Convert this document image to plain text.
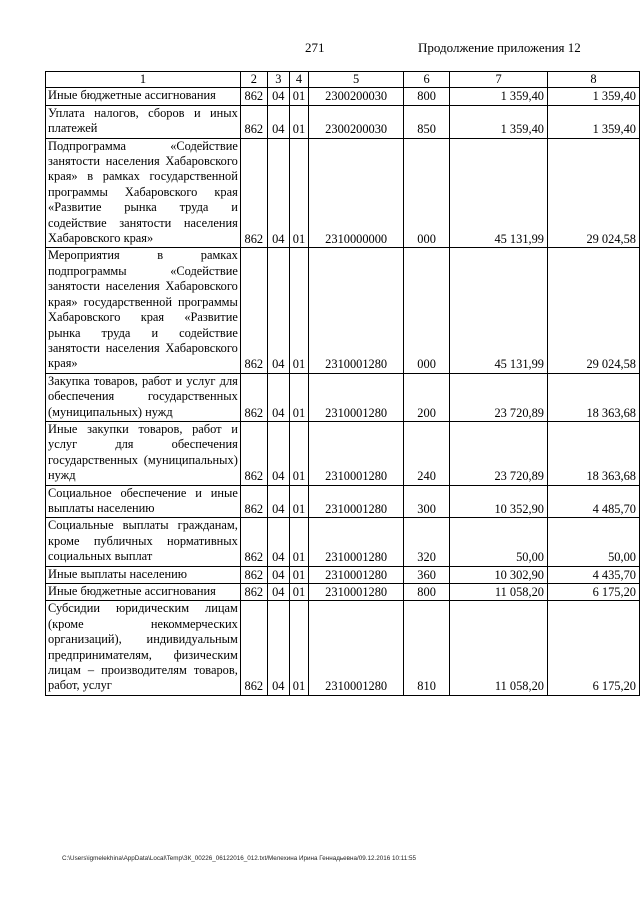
271	Продолжение приложения 12
1	2	3	4	5	6	7	8
Иные бюджетные ассигнования	862	04	01	2300200030	800	1 359,40	1 359,40
Уплата налогов, сборов и иных платежей	862	04	01	2300200030	850	1 359,40	1 359,40
Подпрограмма «Содействие занятости населения Хабаровского края» в рамках государственной программы Хабаровского края «Развитие рынка труда и содействие занятости населения Хабаровского края»	862	04	01	2310000000	000	45 131,99	29 024,58
Мероприятия в рамках подпрограммы «Содействие занятости населения Хабаровского края» государственной программы Хабаровского края «Развитие рынка труда и содействие занятости населения Хабаровского края»	862	04	01	2310001280	000	45 131,99	29 024,58
Закупка товаров, работ и услуг для обеспечения государственных (муниципальных) нужд	862	04	01	2310001280	200	23 720,89	18 363,68
Иные закупки товаров, работ и услуг для обеспечения государственных (муниципальных) нужд	862	04	01	2310001280	240	23 720,89	18 363,68
Социальное обеспечение и иные выплаты населению	862	04	01	2310001280	300	10 352,90	4 485,70
Социальные выплаты гражданам, кроме публичных нормативных социальных выплат	862	04	01	2310001280	320	50,00	50,00
Иные выплаты населению	862	04	01	2310001280	360	10 302,90	4 435,70
Иные бюджетные ассигнования	862	04	01	2310001280	800	11 058,20	6 175,20
Субсидии юридическим лицам (кроме некоммерческих организаций), индивидуальным предпринимателям, физическим лицам – производителям товаров, работ, услуг	862	04	01	2310001280	810	11 058,20	6 175,20
C:\Users\igmelekhina\AppData\Local\Temp\ЗК_00226_06122016_012.txt/Мелехина Ирина Геннадьевна/09.12.2016 10:11:55
